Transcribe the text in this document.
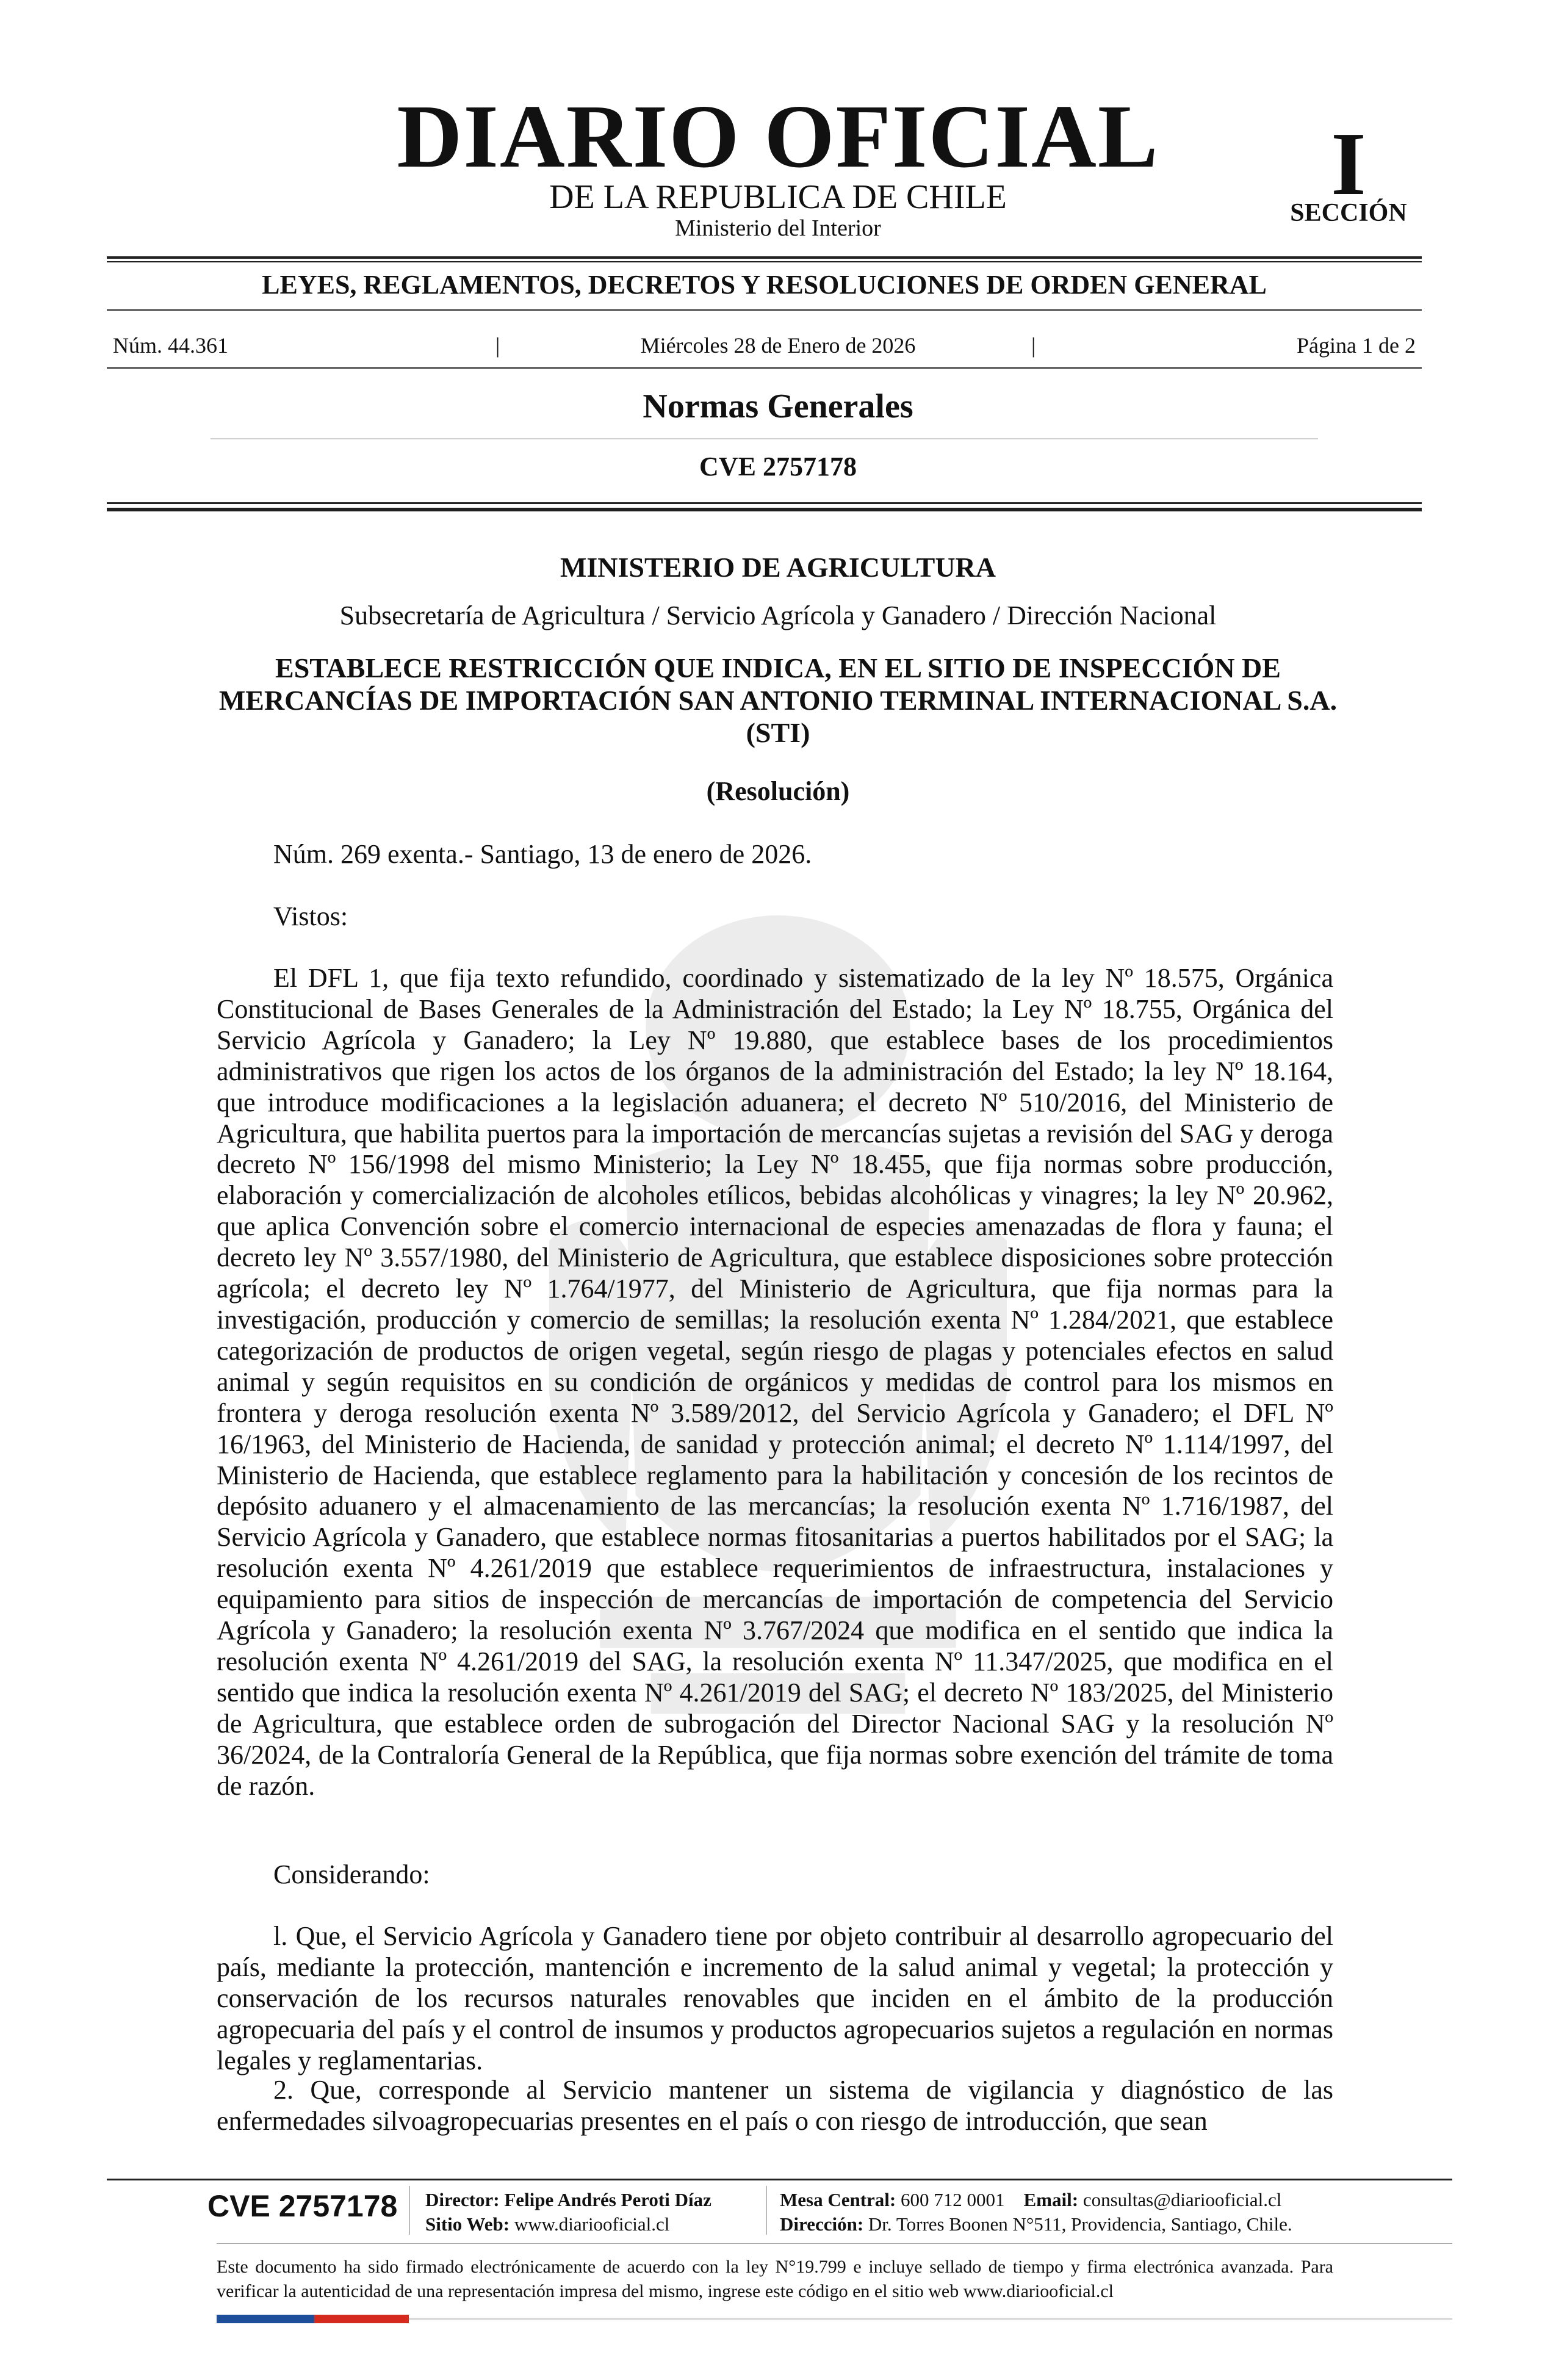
DIARIO OFICIAL
DE LA REPUBLICA DE CHILE
Ministerio del Interior
I
SECCIÓN
LEYES, REGLAMENTOS, DECRETOS Y RESOLUCIONES DE ORDEN GENERAL
Núm. 44.361	|	Miércoles 28 de Enero de 2026	|	Página 1 de 2
Normas Generales
CVE 2757178
MINISTERIO DE AGRICULTURA
Subsecretaría de Agricultura / Servicio Agrícola y Ganadero / Dirección Nacional
ESTABLECE RESTRICCIÓN QUE INDICA, EN EL SITIO DE INSPECCIÓN DE MERCANCÍAS DE IMPORTACIÓN SAN ANTONIO TERMINAL INTERNACIONAL S.A. (STI)
(Resolución)
Núm. 269 exenta.- Santiago, 13 de enero de 2026.
Vistos:
El DFL 1, que fija texto refundido, coordinado y sistematizado de la ley Nº 18.575, Orgánica Constitucional de Bases Generales de la Administración del Estado; la Ley Nº 18.755, Orgánica del Servicio Agrícola y Ganadero; la Ley Nº 19.880, que establece bases de los procedimientos administrativos que rigen los actos de los órganos de la administración del Estado; la ley Nº 18.164, que introduce modificaciones a la legislación aduanera; el decreto Nº 510/2016, del Ministerio de Agricultura, que habilita puertos para la importación de mercancías sujetas a revisión del SAG y deroga decreto Nº 156/1998 del mismo Ministerio; la Ley Nº 18.455, que fija normas sobre producción, elaboración y comercialización de alcoholes etílicos, bebidas alcohólicas y vinagres; la ley Nº 20.962, que aplica Convención sobre el comercio internacional de especies amenazadas de flora y fauna; el decreto ley Nº 3.557/1980, del Ministerio de Agricultura, que establece disposiciones sobre protección agrícola; el decreto ley Nº 1.764/1977, del Ministerio de Agricultura, que fija normas para la investigación, producción y comercio de semillas; la resolución exenta Nº 1.284/2021, que establece categorización de productos de origen vegetal, según riesgo de plagas y potenciales efectos en salud animal y según requisitos en su condición de orgánicos y medidas de control para los mismos en frontera y deroga resolución exenta Nº 3.589/2012, del Servicio Agrícola y Ganadero; el DFL Nº 16/1963, del Ministerio de Hacienda, de sanidad y protección animal; el decreto Nº 1.114/1997, del Ministerio de Hacienda, que establece reglamento para la habilitación y concesión de los recintos de depósito aduanero y el almacenamiento de las mercancías; la resolución exenta Nº 1.716/1987, del Servicio Agrícola y Ganadero, que establece normas fitosanitarias a puertos habilitados por el SAG; la resolución exenta Nº 4.261/2019 que establece requerimientos de infraestructura, instalaciones y equipamiento para sitios de inspección de mercancías de importación de competencia del Servicio Agrícola y Ganadero; la resolución exenta Nº 3.767/2024 que modifica en el sentido que indica la resolución exenta Nº 4.261/2019 del SAG, la resolución exenta Nº 11.347/2025, que modifica en el sentido que indica la resolución exenta Nº 4.261/2019 del SAG; el decreto Nº 183/2025, del Ministerio de Agricultura, que establece orden de subrogación del Director Nacional SAG y la resolución Nº 36/2024, de la Contraloría General de la República, que fija normas sobre exención del trámite de toma de razón.
Considerando:
l. Que, el Servicio Agrícola y Ganadero tiene por objeto contribuir al desarrollo agropecuario del país, mediante la protección, mantención e incremento de la salud animal y vegetal; la protección y conservación de los recursos naturales renovables que inciden en el ámbito de la producción agropecuaria del país y el control de insumos y productos agropecuarios sujetos a regulación en normas legales y reglamentarias.
2. Que, corresponde al Servicio mantener un sistema de vigilancia y diagnóstico de las enfermedades silvoagropecuarias presentes en el país o con riesgo de introducción, que sean
CVE 2757178 Director: Felipe Andrés Peroti Díaz
Sitio Web: www.diariooficial.cl
Mesa Central: 600 712 0001 Email: consultas@diariooficial.cl
Dirección: Dr. Torres Boonen N°511, Providencia, Santiago, Chile.
Este documento ha sido firmado electrónicamente de acuerdo con la ley N°19.799 e incluye sellado de tiempo y firma electrónica avanzada. Para verificar la autenticidad de una representación impresa del mismo, ingrese este código en el sitio web www.diariooficial.cl
